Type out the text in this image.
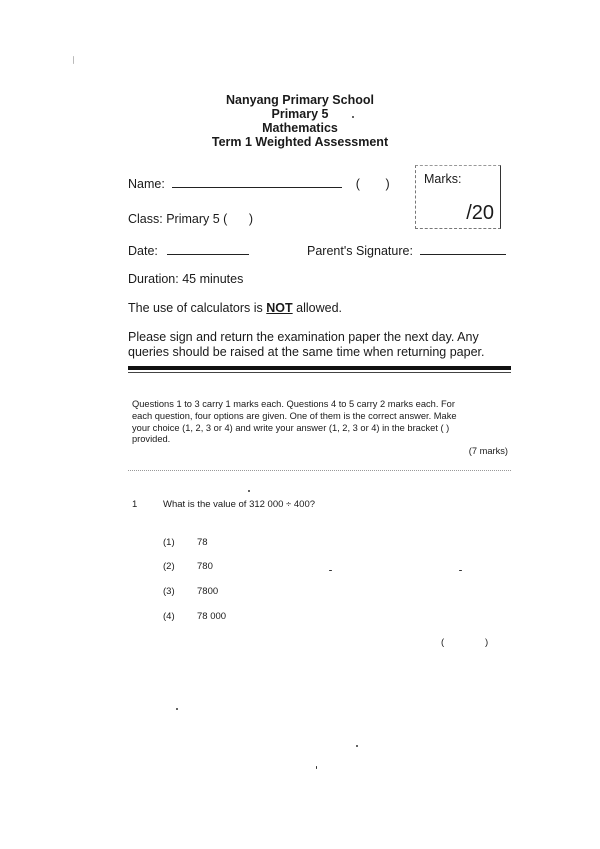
Nanyang Primary School
Primary 5
Mathematics
Term 1 Weighted Assessment
Name:	( )	Marks:
/20
Class: Primary 5 ( )
Date:	Parent's Signature:
Duration: 45 minutes
The use of calculators is NOT allowed.
Please sign and return the examination paper the next day. Any
queries should be raised at the same time when returning paper.
Questions 1 to 3 carry 1 marks each. Questions 4 to 5 carry 2 marks each. For
each question, four options are given. One of them is the correct answer. Make
your choice (1, 2, 3 or 4) and write your answer (1, 2, 3 or 4) in the bracket ( )
provided.
(7 marks)
1	What is the value of 312 000 ÷ 400?
(1) 78
(2) 780
(3) 7800
(4) 78 000
(	)
